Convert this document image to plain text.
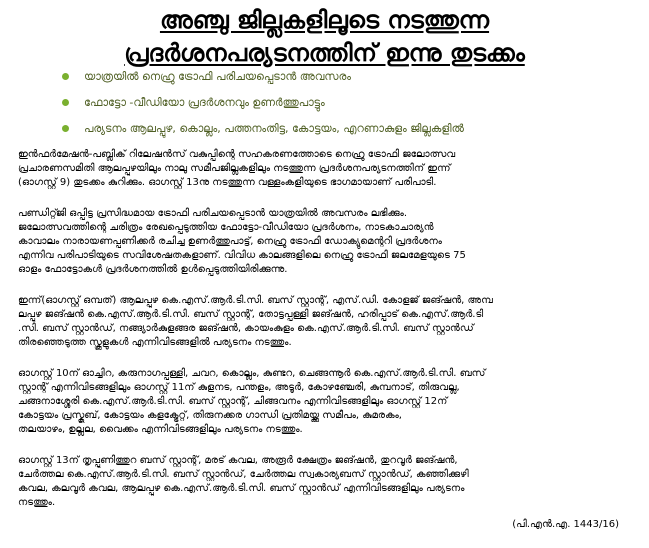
അഞ്ചു ജില്ലകളിലൂടെ നടത്തുന്ന
പ്രദർശനപര്യടനത്തിന് ഇന്നു തുടക്കം
യാത്രയിൽ നെഹ്രു ട്രോഫി പരിചയപ്പെടാൻ അവസരം
ഫോട്ടോ -വീഡിയോ പ്രദർശനവും ഉണർത്തുപാട്ടും
പര്യടനം ആലപ്പുഴ, കൊല്ലം, പത്തനംതിട്ട, കോട്ടയം, എറണാകുളം ജില്ലകളിൽ

ഇൻഫർമേഷൻ-പബ്ലിക് റിലേഷൻസ് വകുപ്പിന്റെ സഹകരണത്തോടെ നെഹ്രു ട്രോഫി ജലോത്സവ
പ്രചാരണസമിതി ആലപ്പുഴയിലും നാലു സമീപജില്ലകളിലും നടത്തുന്ന പ്രദർശനപര്യടനത്തിന് ഇന്ന്
(ഓഗസ്റ്റ് 9) തുടക്കം കുറിക്കും. ഓഗസ്റ്റ് 13നു നടത്തുന്ന വള്ളംകളിയുടെ ഭാഗമായാണ് പരിപാടി.

പണ്ഡിറ്റ്ജി ഒപ്പിട്ട പ്രസിദ്ധമായ ട്രോഫി പരിചയപ്പെടാൻ യാത്രയിൽ അവസരം ലഭിക്കും.
ജലോത്സവത്തിന്റെ ചരിത്രം രേഖപ്പെടുത്തിയ ഫോട്ടോ-വീഡിയോ പ്രദർശനം, നാടകാചാര്യൻ
കാവാലം നാരായണപ്പണിക്കർ രചിച്ച ഉണർത്തുപാട്ട്, നെഹ്രു ട്രോഫി ഡോക്യുമെന്ററി പ്രദർശനം
എന്നിവ പരിപാടിയുടെ സവിശേഷതകളാണ്. വിവിധ കാലങ്ങളിലെ നെഹ്രു ട്രോഫി ജലമേളയുടെ 75
ഓളം ഫോട്ടോകൾ പ്രദർശനത്തിൽ ഉൾപ്പെടുത്തിയിരിക്കുന്നു.

ഇന്ന്(ഓഗസ്റ്റ് ഒമ്പത്) ആലപ്പുഴ കെ.എസ്.ആർ.ടി.സി. ബസ് സ്റ്റാന്റ്, എസ്.ഡി. കോളജ് ജങ്ഷൻ, അമ്പ
ലപ്പുഴ ജങ്ഷൻ കെ.എസ്.ആർ.ടി.സി. ബസ് സ്റ്റാന്റ്, തോട്ടപ്പള്ളി ജങ്ഷൻ, ഹരിപ്പാട് കെ.എസ്.ആർ.ടി
.സി. ബസ് സ്റ്റാൻഡ്, നങ്ങ്യാർകുളങ്ങര ജങ്ഷൻ, കായംകുളം കെ.എസ്.ആർ.ടി.സി. ബസ് സ്റ്റാൻഡ്
തിരഞ്ഞെടുത്ത സ്കൂളുകൾ എന്നിവിടങ്ങളിൽ പര്യടനം നടത്തും.

ഓഗസ്റ്റ് 10ന് ഓച്ചിറ, കരുനാഗപ്പള്ളി, ചവറ, കൊല്ലം, കുണ്ടറ, ചെങ്ങന്നൂർ കെ.എസ്.ആർ.ടി.സി. ബസ്
സ്റ്റാന്റ് എന്നിവിടങ്ങളിലും ഓഗസ്റ്റ് 11ന് കുളനട, പന്തളം, അടൂർ, കോഴഞ്ചേരി, കുമ്പനാട്, തിരുവല്ല,
ചങ്ങനാശ്ശേരി കെ.എസ്.ആർ.ടി.സി. ബസ് സ്റ്റാന്റ്, ചിങ്ങവനം എന്നിവിടങ്ങളിലും ഓഗസ്റ്റ് 12ന്
കോട്ടയം പ്രസ്ക്ലബ്, കോട്ടയം കളക്ട്രേറ്റ്, തിരുനക്കര ഗാന്ധി പ്രതിമയ്ക്കു സമീപം, കുമരകം,
തലയാഴം, ഉല്ലല, വൈക്കം എന്നിവിടങ്ങളിലും പര്യടനം നടത്തും.

ഓഗസ്റ്റ് 13ന് തൃപ്പൂണിത്തുറ ബസ് സ്റ്റാന്റ്, മരട് കവല, അരൂർ ക്ഷേത്രം ജങ്ഷൻ, തുറവൂർ ജങ്ഷൻ,
ചേർത്തല കെ.എസ്.ആർ.ടി.സി. ബസ് സ്റ്റാൻഡ്, ചേർത്തല സ്വകാര്യബസ് സ്റ്റാൻഡ്, കഞ്ഞിക്കുഴി
കവല, കലവൂർ കവല, ആലപ്പുഴ കെ.എസ്.ആർ.ടി.സി. ബസ് സ്റ്റാൻഡ് എന്നിവിടങ്ങളിലും പര്യടനം
നടത്തും.

(പി.എൻ.എ. 1443/16)
